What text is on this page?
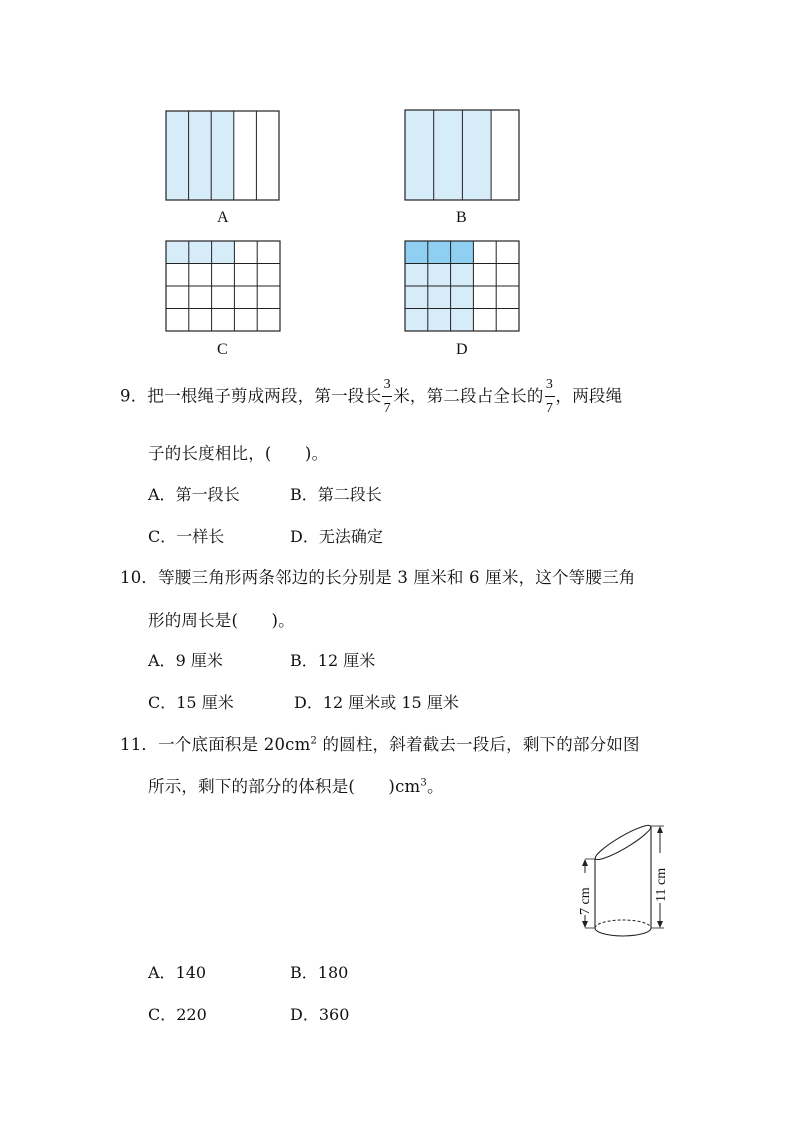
A	B
C	D
9．把一根绳子剪成两段，第一段长 $\frac{3}{7}$ 米，第二段占全长的 $\frac{3}{7}$ ，两段绳
子的长度相比，(　　)。
A．第一段长	B．第二段长
C．一样长	D．无法确定
10．等腰三角形两条邻边的长分别是 3 厘米和 6 厘米，这个等腰三角
形的周长是(　　)。
A．9 厘米	B．12 厘米
C．15 厘米	D．12 厘米或 15 厘米
11．一个底面积是 $20cm^2$ 的圆柱，斜着截去一段后，剩下的部分如图
所示，剩下的部分的体积是(　　)$cm^3$。
7 cm	11 cm
A．140	B．180
C．220	D．360
